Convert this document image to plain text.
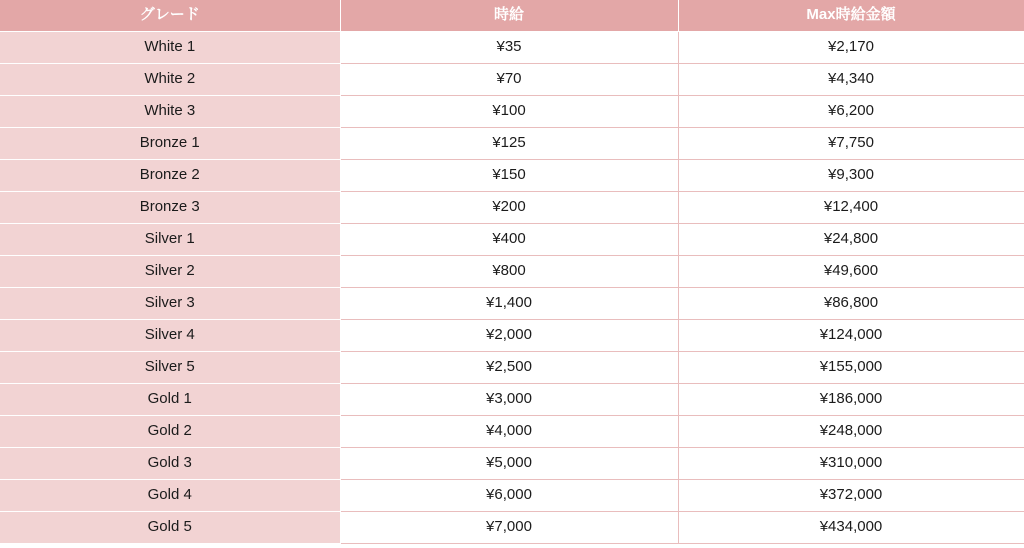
グレード	時給	Max時給金額
White 1	¥35	¥2,170
White 2	¥70	¥4,340
White 3	¥100	¥6,200
Bronze 1	¥125	¥7,750
Bronze 2	¥150	¥9,300
Bronze 3	¥200	¥12,400
Silver 1	¥400	¥24,800
Silver 2	¥800	¥49,600
Silver 3	¥1,400	¥86,800
Silver 4	¥2,000	¥124,000
Silver 5	¥2,500	¥155,000
Gold 1	¥3,000	¥186,000
Gold 2	¥4,000	¥248,000
Gold 3	¥5,000	¥310,000
Gold 4	¥6,000	¥372,000
Gold 5	¥7,000	¥434,000
